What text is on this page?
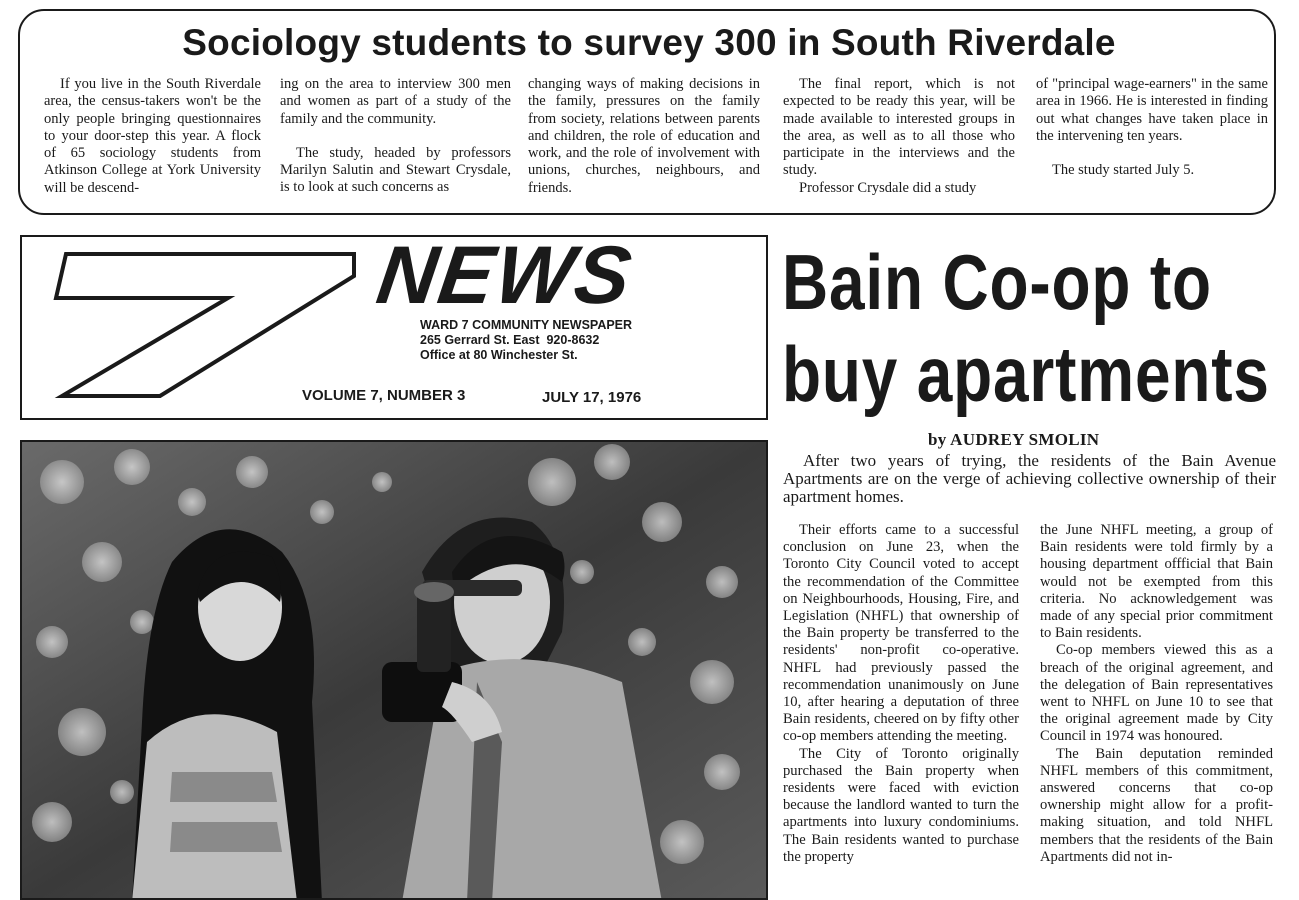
Sociology students to survey 300 in South Riverdale

If you live in the South Riverdale area, the census-takers won't be the only people bringing questionnaires to your door-step this year. A flock of 65 sociology students from Atkinson College at York University will be descend-

ing on the area to interview 300 men and women as part of a study of the family and the community.

The study, headed by professors Marilyn Salutin and Stewart Crysdale, is to look at such concerns as

changing ways of making decisions in the family, pressures on the family from society, relations between parents and children, the role of education and work, and the role of involvement with unions, churches, neighbours, and friends.

The final report, which is not expected to be ready this year, will be made available to interested groups in the area, as well as to all those who participate in the interviews and the study.

Professor Crysdale did a study

of "principal wage-earners" in the same area in 1966. He is interested in finding out what changes have taken place in the intervening ten years.

The study started July 5.

7	NEWS
WARD 7 COMMUNITY NEWSPAPER
265 Gerrard St. East 920-8632
Office at 80 Winchester St.
VOLUME 7, NUMBER 3	JULY 17, 1976
Bain Co-op to
buy apartments
by AUDREY SMOLIN
After two years of trying, the residents of the Bain Avenue Apartments are on the verge of achieving collective ownership of their apartment homes.

Their efforts came to a successful conclusion on June 23, when the Toronto City Council voted to accept the recommendation of the Committee on Neighbourhoods, Housing, Fire, and Legislation (NHFL) that ownership of the Bain property be transferred to the residents' non-profit co-operative. NHFL had previously passed the recommendation unanimously on June 10, after hearing a deputation of three Bain residents, cheered on by fifty other co-op members attending the meeting.

The City of Toronto originally purchased the Bain property when residents were faced with eviction because the landlord wanted to turn the apartments into luxury condominiums. The Bain residents wanted to purchase the property

the June NHFL meeting, a group of Bain residents were told firmly by a housing department offficial that Bain would not be exempted from this criteria. No acknowledgement was made of any special prior commitment to Bain residents.

Co-op members viewed this as a breach of the original agreement, and the delegation of Bain representatives went to NHFL on June 10 to see that the original agreement made by City Council in 1974 was honoured.

The Bain deputation reminded NHFL members of this commitment, answered concerns that co-op ownership might allow for a profit-making situation, and told NHFL members that the residents of the Bain Apartments did not in-
